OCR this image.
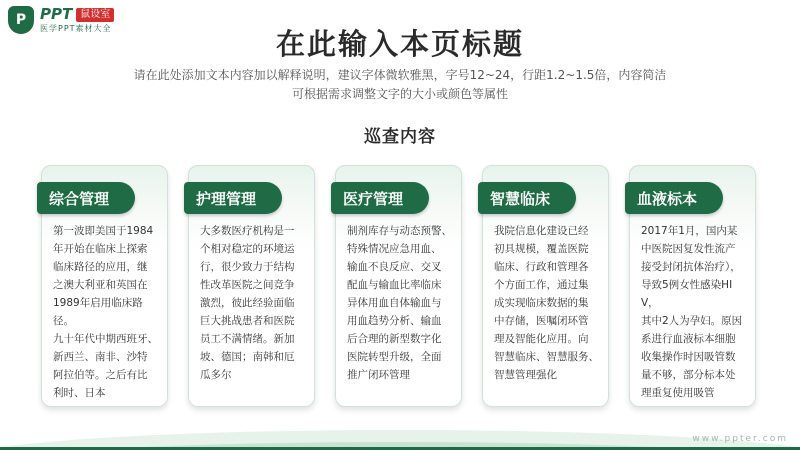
P PPT 鼠设室
医学PPT素材大全	在此输入本页标题
请在此处添加文本内容加以解释说明，建议字体微软雅黑，字号12~24，行距1.2~1.5倍，内容简洁
可根据需求调整文字的大小或颜色等属性
巡查内容
综合管理
第一波即美国于1984
年开始在临床上探索
临床路径的应用，继
之澳大利亚和英国在
1989年启用临床路径。
九十年代中期西班牙、
新西兰、南非、沙特
阿拉伯等。之后有比
利时、日本
护理管理
大多数医疗机构是一
个相对稳定的环境运
行，很少致力于结构
性改革医院之间竞争
激烈，彼此经验面临
巨大挑战患者和医院
员工不满情绪。新加
坡、德国；南韩和厄
瓜多尔
医疗管理
制剂库存与动态预警、
特殊情况应急用血、
输血不良反应、交叉
配血与输血比率临床
异体用血自体输血与
用血趋势分析、输血
后合理的新型数字化
医院转型升级，全面
推广闭环管理
智慧临床
我院信息化建设已经
初具规模，覆盖医院
临床、行政和管理各
个方面工作，通过集
成实现临床数据的集
中存储，医嘱闭环管
理及智能化应用。向
智慧临床、智慧服务、
智慧管理强化
血液标本
2017年1月，国内某
中医院因复发性流产
接受封闭抗体治疗），
导致5例女性感染HIV，
其中2人为孕妇。原因
系进行血液标本细胞
收集操作时因吸管数
量不够，部分标本处
理重复使用吸管
www.ppter.com
